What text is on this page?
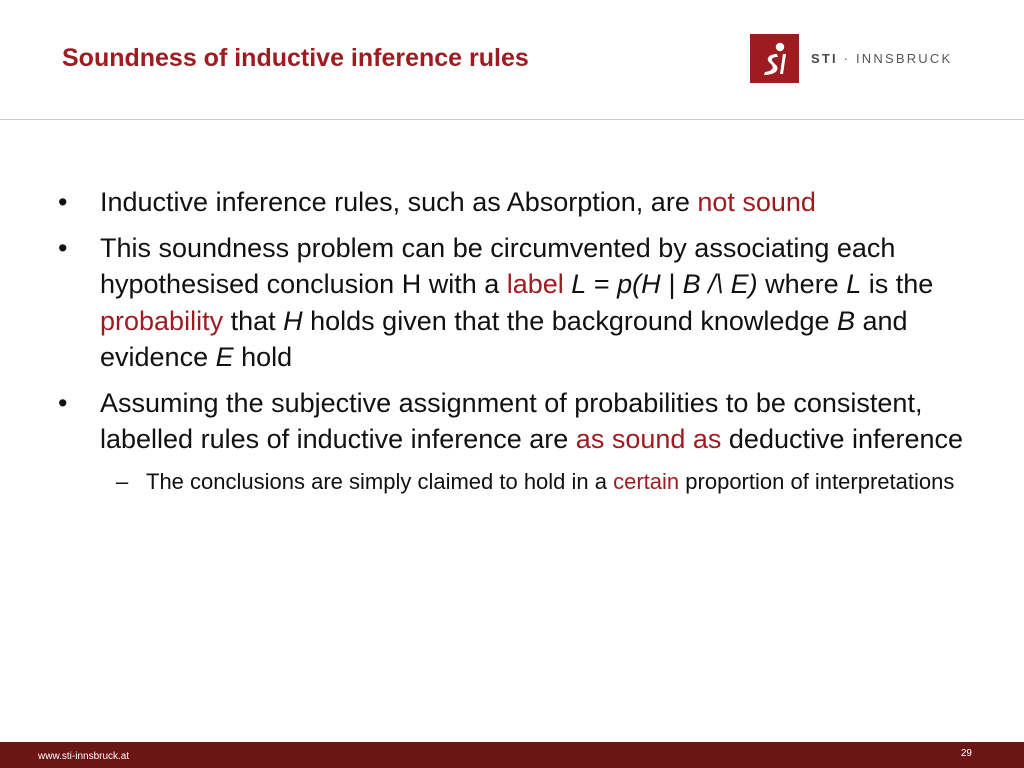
Soundness of inductive inference rules	STI · INNSBRUCK
• Inductive inference rules, such as Absorption, are not sound
• This soundness problem can be circumvented by associating each hypothesised conclusion H with a label L = p(H | B /\ E) where L is the probability that H holds given that the background knowledge B and evidence E hold
• Assuming the subjective assignment of probabilities to be consistent, labelled rules of inductive inference are as sound as deductive inference
– The conclusions are simply claimed to hold in a certain proportion of interpretations
www.sti-innsbruck.at	29
